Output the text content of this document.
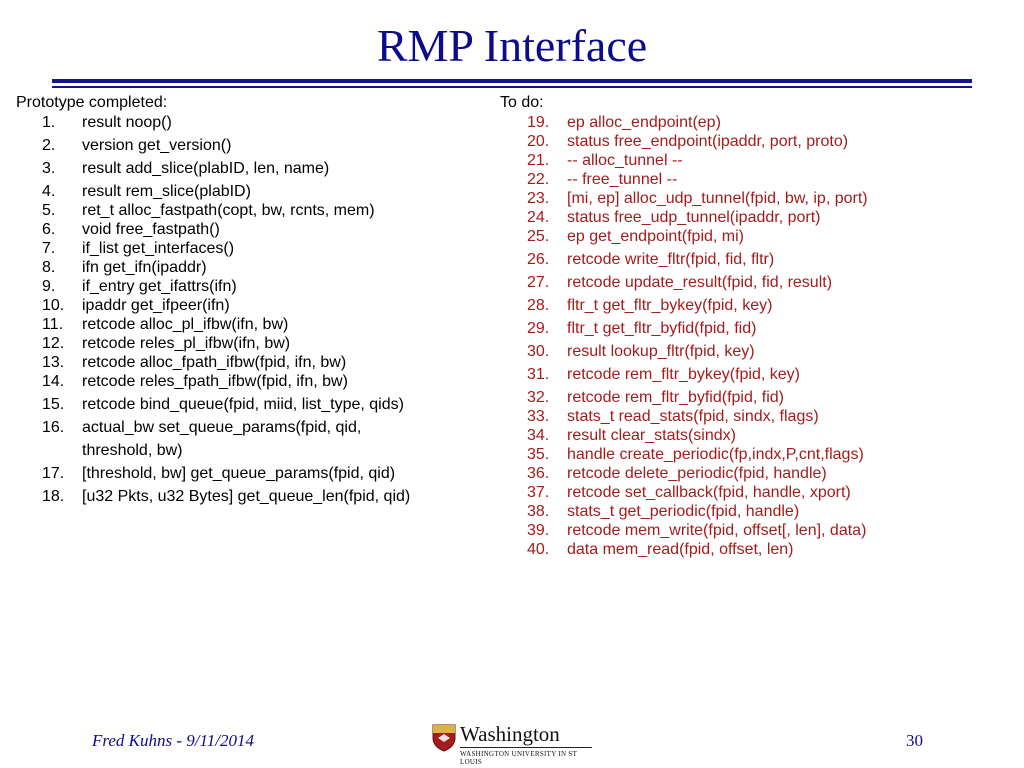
RMP Interface
Prototype completed:
1.	result noop()
2.	version get_version()
3.	result add_slice(plabID, len, name)
4.	result rem_slice(plabID)
5.	ret_t alloc_fastpath(copt, bw, rcnts, mem)
6.	void free_fastpath()
7.	if_list get_interfaces()
8.	ifn get_ifn(ipaddr)
9.	if_entry get_ifattrs(ifn)
10.	ipaddr get_ifpeer(ifn)
11.	retcode alloc_pl_ifbw(ifn, bw)
12.	retcode reles_pl_ifbw(ifn, bw)
13.	retcode alloc_fpath_ifbw(fpid, ifn, bw)
14.	retcode reles_fpath_ifbw(fpid, ifn, bw)
15.	retcode bind_queue(fpid, miid, list_type, qids)
16.	actual_bw set_queue_params(fpid, qid,
threshold, bw)
17.	[threshold, bw] get_queue_params(fpid, qid)
18.	[u32 Pkts, u32 Bytes] get_queue_len(fpid, qid)
To do:
19.	ep alloc_endpoint(ep)
20.	status free_endpoint(ipaddr, port, proto)
21.	-- alloc_tunnel --
22.	-- free_tunnel --
23.	[mi, ep] alloc_udp_tunnel(fpid, bw, ip, port)
24.	status free_udp_tunnel(ipaddr, port)
25.	ep get_endpoint(fpid, mi)
26.	retcode write_fltr(fpid, fid, fltr)
27.	retcode update_result(fpid, fid, result)
28.	fltr_t get_fltr_bykey(fpid, key)
29.	fltr_t get_fltr_byfid(fpid, fid)
30.	result lookup_fltr(fpid, key)
31.	retcode rem_fltr_bykey(fpid, key)
32.	retcode rem_fltr_byfid(fpid, fid)
33.	stats_t read_stats(fpid, sindx, flags)
34.	result clear_stats(sindx)
35.	handle create_periodic(fp,indx,P,cnt,flags)
36.	retcode delete_periodic(fpid, handle)
37.	retcode set_callback(fpid, handle, xport)
38.	stats_t get_periodic(fpid, handle)
39.	retcode mem_write(fpid, offset[, len], data)
40.	data mem_read(fpid, offset, len)
Fred Kuhns - 9/11/2014	Washington
WASHINGTON UNIVERSITY IN ST LOUIS
30
